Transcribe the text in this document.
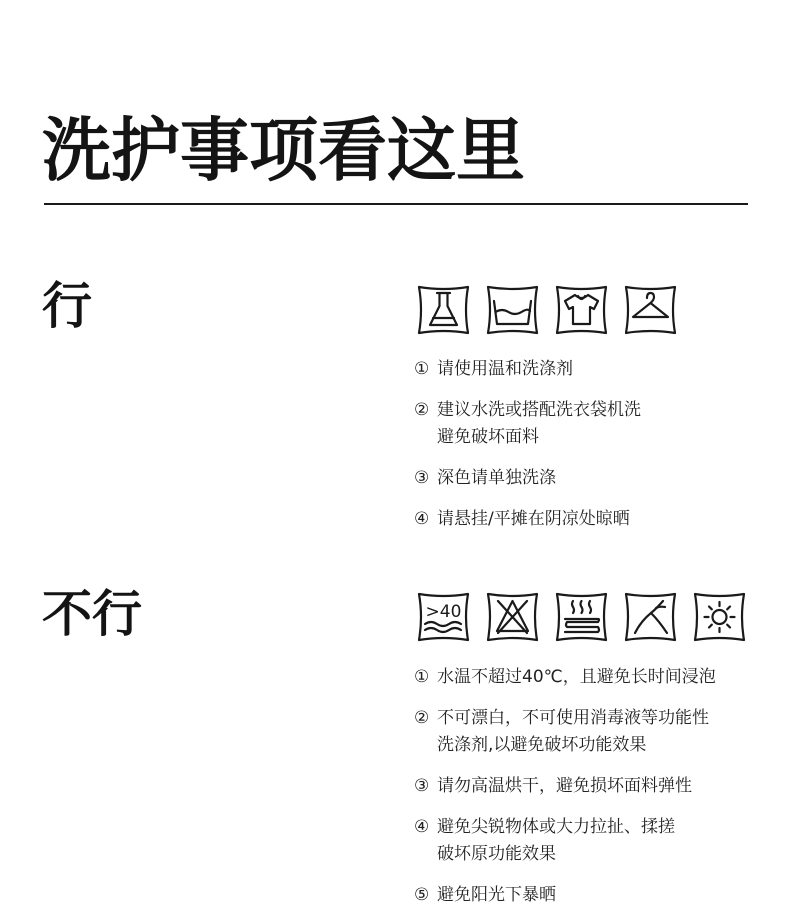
洗护事项看这里
行
① 请使用温和洗涤剂
② 建议水洗或搭配洗衣袋机洗
避免破坏面料
③ 深色请单独洗涤
④ 请悬挂/平摊在阴凉处晾晒
不行	>40
① 水温不超过40℃，且避免长时间浸泡
② 不可漂白，不可使用消毒液等功能性
洗涤剂,以避免破坏功能效果
③ 请勿高温烘干，避免损坏面料弹性
④ 避免尖锐物体或大力拉扯、揉搓
破坏原功能效果
⑤ 避免阳光下暴晒
